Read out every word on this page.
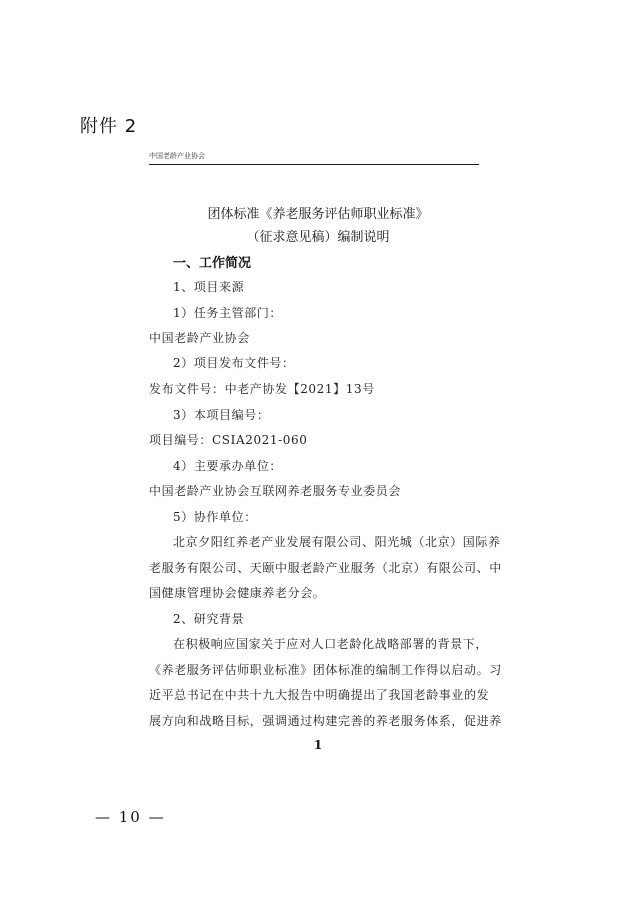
附件 2
中国老龄产业协会
团体标准《养老服务评估师职业标准》
（征求意见稿）编制说明
一、工作简况
1、项目来源
1）任务主管部门：
中国老龄产业协会
2）项目发布文件号：
发布文件号：中老产协发【2021】13号
3）本项目编号：
项目编号：CSIA2021-060
4）主要承办单位：
中国老龄产业协会互联网养老服务专业委员会
5）协作单位：
北京夕阳红养老产业发展有限公司、阳光城（北京）国际养
老服务有限公司、天颐中服老龄产业服务（北京）有限公司、中
国健康管理协会健康养老分会。
2、研究背景
在积极响应国家关于应对人口老龄化战略部署的背景下，
《养老服务评估师职业标准》团体标准的编制工作得以启动。习
近平总书记在中共十九大报告中明确提出了我国老龄事业的发
展方向和战略目标，强调通过构建完善的养老服务体系，促进养
1
— 10 —
